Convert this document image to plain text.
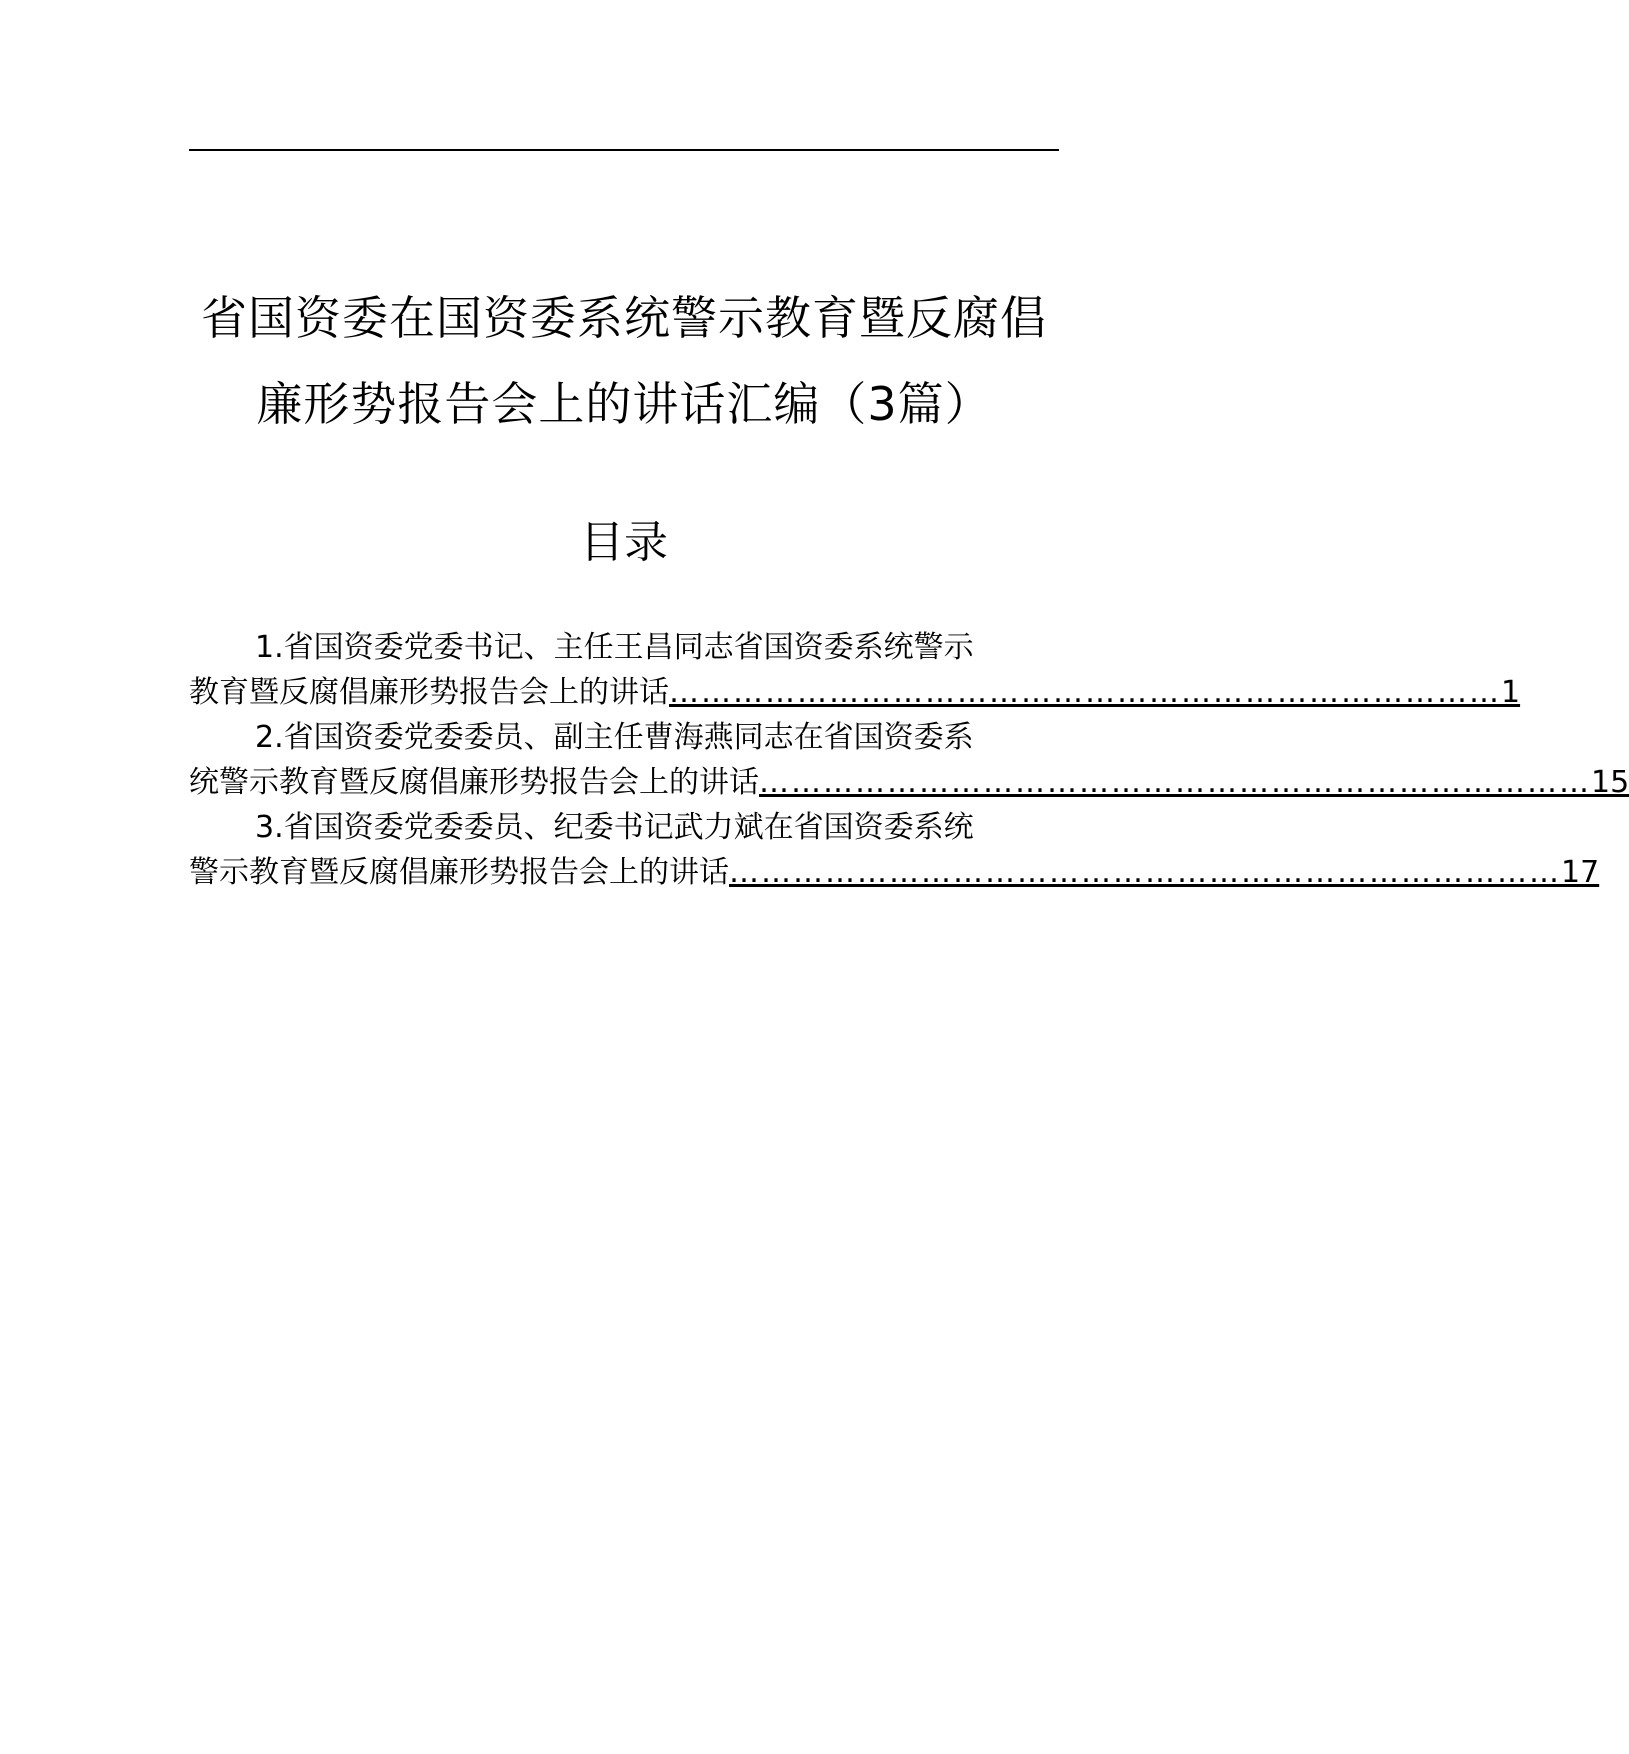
省国资委在国资委系统警示教育暨反腐倡
廉形势报告会上的讲话汇编（3篇）
目录
1.省国资委党委书记、主任王昌同志省国资委系统警示
教育暨反腐倡廉形势报告会上的讲话 …………………………………………………………………… 1
2.省国资委党委委员、副主任曹海燕同志在省国资委系
统警示教育暨反腐倡廉形势报告会上的讲话 …………………………………………………………………… 15
3.省国资委党委委员、纪委书记武力斌在省国资委系统
警示教育暨反腐倡廉形势报告会上的讲话 …………………………………………………………………… 17
